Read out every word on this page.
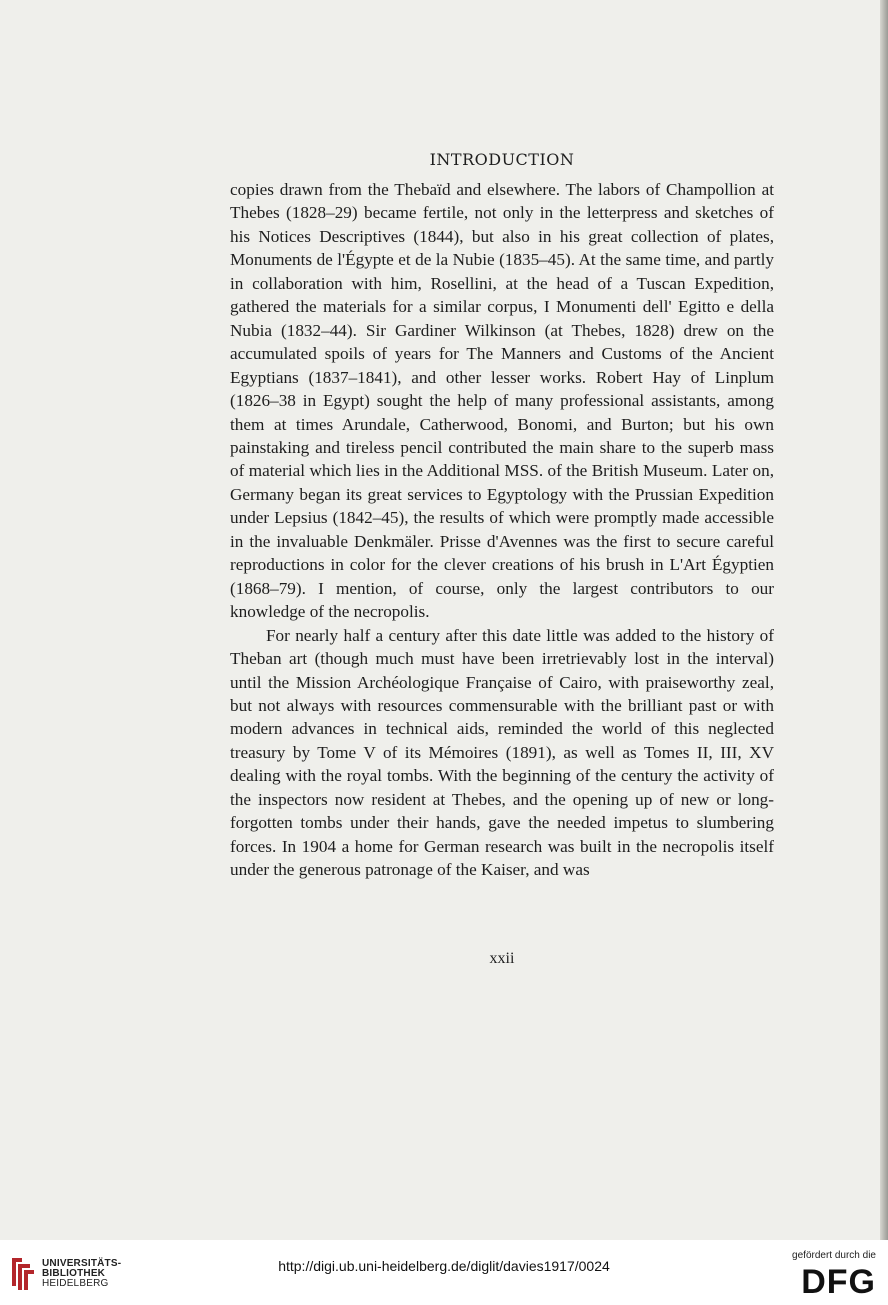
INTRODUCTION

copies drawn from the Thebaïd and elsewhere. The labors of Champollion at Thebes (1828–29) became fertile, not only in the letterpress and sketches of his Notices Descriptives (1844), but also in his great collection of plates, Monuments de l'Égypte et de la Nubie (1835–45). At the same time, and partly in collaboration with him, Rosellini, at the head of a Tuscan Expedition, gathered the materials for a similar corpus, I Monumenti dell' Egitto e della Nubia (1832–44). Sir Gardiner Wilkinson (at Thebes, 1828) drew on the accumulated spoils of years for The Manners and Customs of the Ancient Egyptians (1837–1841), and other lesser works. Robert Hay of Linplum (1826–38 in Egypt) sought the help of many professional assistants, among them at times Arundale, Catherwood, Bonomi, and Burton; but his own painstaking and tireless pencil contributed the main share to the superb mass of material which lies in the Additional MSS. of the British Museum. Later on, Germany began its great services to Egyptology with the Prussian Expedition under Lepsius (1842–45), the results of which were promptly made accessible in the invaluable Denkmäler. Prisse d'Avennes was the first to secure careful reproductions in color for the clever creations of his brush in L'Art Égyptien (1868–79). I mention, of course, only the largest contributors to our knowledge of the necropolis.

For nearly half a century after this date little was added to the history of Theban art (though much must have been irretrievably lost in the interval) until the Mission Archéologique Française of Cairo, with praiseworthy zeal, but not always with resources commensurable with the brilliant past or with modern advances in technical aids, reminded the world of this neglected treasury by Tome V of its Mémoires (1891), as well as Tomes II, III, XV dealing with the royal tombs. With the beginning of the century the activity of the inspectors now resident at Thebes, and the opening up of new or long-forgotten tombs under their hands, gave the needed impetus to slumbering forces. In 1904 a home for German research was built in the necropolis itself under the generous patronage of the Kaiser, and was

xxii
UNIVERSITÄTS-
BIBLIOTHEK
HEIDELBERG
http://digi.ub.uni-heidelberg.de/diglit/davies1917/0024
gefördert durch die
DFG
